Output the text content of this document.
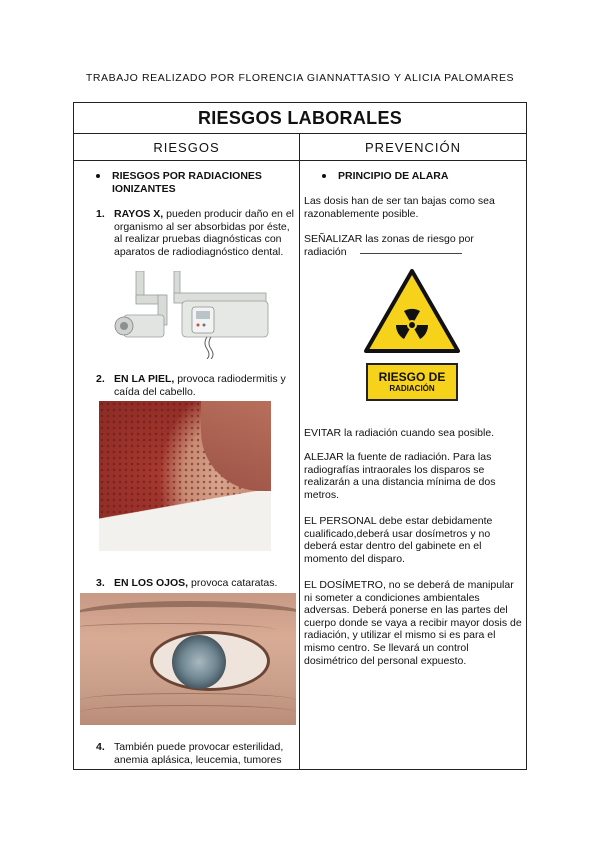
TRABAJO REALIZADO POR FLORENCIA GIANNATTASIO Y ALICIA PALOMARES
RIESGOS LABORALES
RIESGOS	PREVENCIÓN
RIESGOS POR RADIACIONES IONIZANTES
1. RAYOS X, pueden producir daño en el organismo al ser absorbidas por éste, al realizar pruebas diagnósticas con aparatos de radiodiagnóstico dental.
2. EN LA PIEL, provoca radiodermitis y caída del cabello.
3. EN LOS OJOS, provoca cataratas.
4. También puede provocar esterilidad, anemia aplásica, leucemia, tumores
PRINCIPIO DE ALARA
Las dosis han de ser tan bajas como sea razonablemente posible.
SEÑALIZAR las zonas de riesgo por radiación
RIESGO DE
RADIACIÓN
EVITAR la radiación cuando sea posible.
ALEJAR la fuente de radiación. Para las radiografías intraorales los disparos se realizarán a una distancia mínima de dos metros.
EL PERSONAL debe estar debidamente cualificado,deberá usar dosímetros y no deberá estar dentro del gabinete en el momento del disparo.
EL DOSÍMETRO, no se deberá de manipular ni someter a condiciones ambientales adversas. Deberá ponerse en las partes del cuerpo donde se vaya a recibir mayor dosis de radiación, y utilizar el mismo si es para el mismo centro. Se llevará un control dosimétrico del personal expuesto.
